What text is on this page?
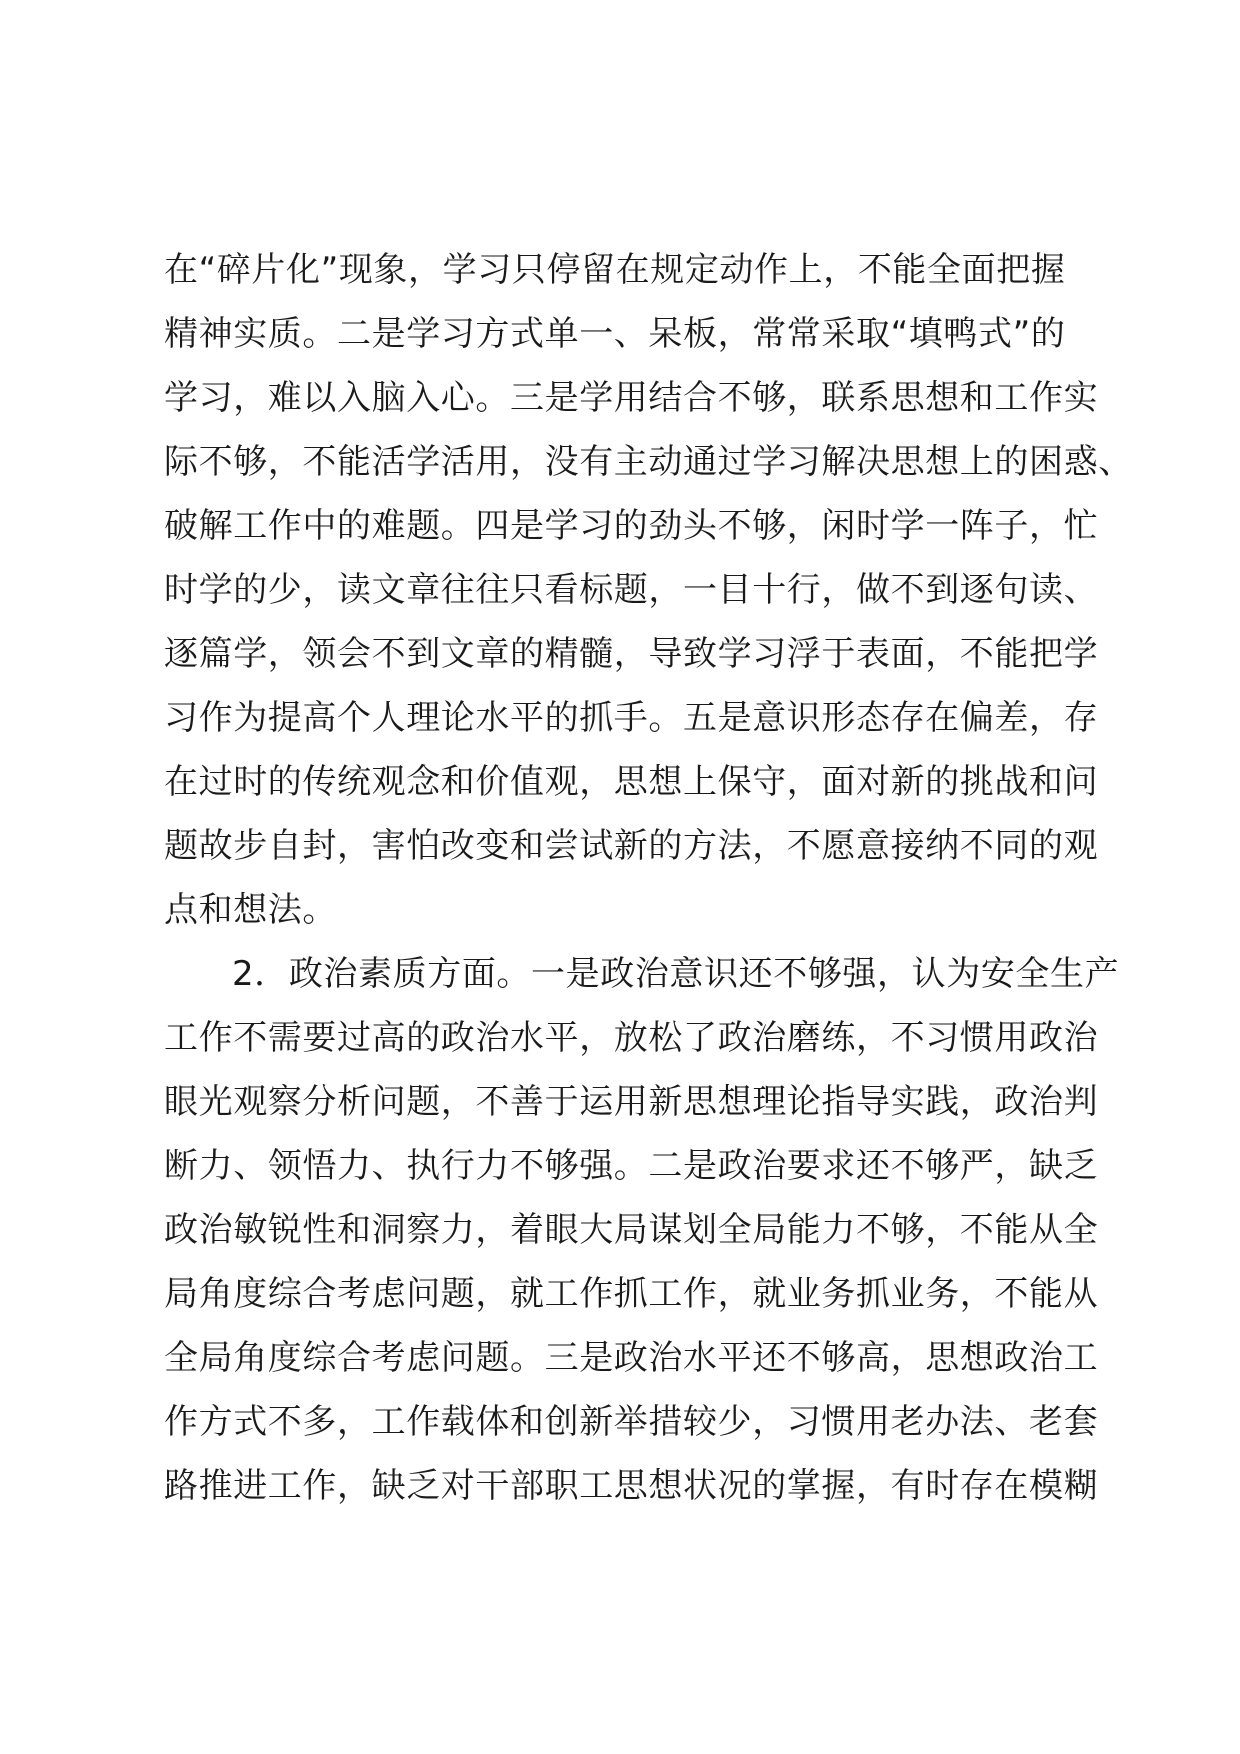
在“碎片化”现象，学习只停留在规定动作上，不能全面把握
精神实质。二是学习方式单一、呆板，常常采取“填鸭式”的
学习，难以入脑入心。三是学用结合不够，联系思想和工作实
际不够，不能活学活用，没有主动通过学习解决思想上的困惑、
破解工作中的难题。四是学习的劲头不够，闲时学一阵子，忙
时学的少，读文章往往只看标题，一目十行，做不到逐句读、
逐篇学，领会不到文章的精髓，导致学习浮于表面，不能把学
习作为提高个人理论水平的抓手。五是意识形态存在偏差，存
在过时的传统观念和价值观，思想上保守，面对新的挑战和问
题故步自封，害怕改变和尝试新的方法，不愿意接纳不同的观
点和想法。
2．政治素质方面。一是政治意识还不够强，认为安全生产
工作不需要过高的政治水平，放松了政治磨练，不习惯用政治
眼光观察分析问题，不善于运用新思想理论指导实践，政治判
断力、领悟力、执行力不够强。二是政治要求还不够严，缺乏
政治敏锐性和洞察力，着眼大局谋划全局能力不够，不能从全
局角度综合考虑问题，就工作抓工作，就业务抓业务，不能从
全局角度综合考虑问题。三是政治水平还不够高，思想政治工
作方式不多，工作载体和创新举措较少，习惯用老办法、老套
路推进工作，缺乏对干部职工思想状况的掌握，有时存在模糊
